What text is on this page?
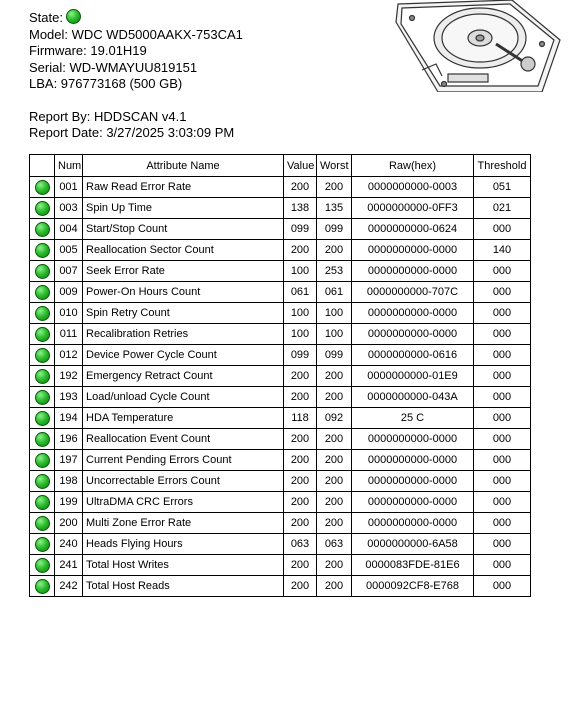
State:
Model: WDC WD5000AAKX-753CA1
Firmware: 19.01H19
Serial: WD-WMAYUU819151
LBA: 976773168 (500 GB)
Report By: HDDSCAN v4.1
Report Date: 3/27/2025 3:03:09 PM
	Num	Attribute Name	Value	Worst	Raw(hex)	Threshold
	001	Raw Read Error Rate	200	200	0000000000-0003	051
	003	Spin Up Time	138	135	0000000000-0FF3	021
	004	Start/Stop Count	099	099	0000000000-0624	000
	005	Reallocation Sector Count	200	200	0000000000-0000	140
	007	Seek Error Rate	100	253	0000000000-0000	000
	009	Power-On Hours Count	061	061	0000000000-707C	000
	010	Spin Retry Count	100	100	0000000000-0000	000
	011	Recalibration Retries	100	100	0000000000-0000	000
	012	Device Power Cycle Count	099	099	0000000000-0616	000
	192	Emergency Retract Count	200	200	0000000000-01E9	000
	193	Load/unload Cycle Count	200	200	0000000000-043A	000
	194	HDA Temperature	118	092	25 C	000
	196	Reallocation Event Count	200	200	0000000000-0000	000
	197	Current Pending Errors Count	200	200	0000000000-0000	000
	198	Uncorrectable Errors Count	200	200	0000000000-0000	000
	199	UltraDMA CRC Errors	200	200	0000000000-0000	000
	200	Multi Zone Error Rate	200	200	0000000000-0000	000
	240	Heads Flying Hours	063	063	0000000000-6A58	000
	241	Total Host Writes	200	200	0000083FDE-81E6	000
	242	Total Host Reads	200	200	0000092CF8-E768	000
